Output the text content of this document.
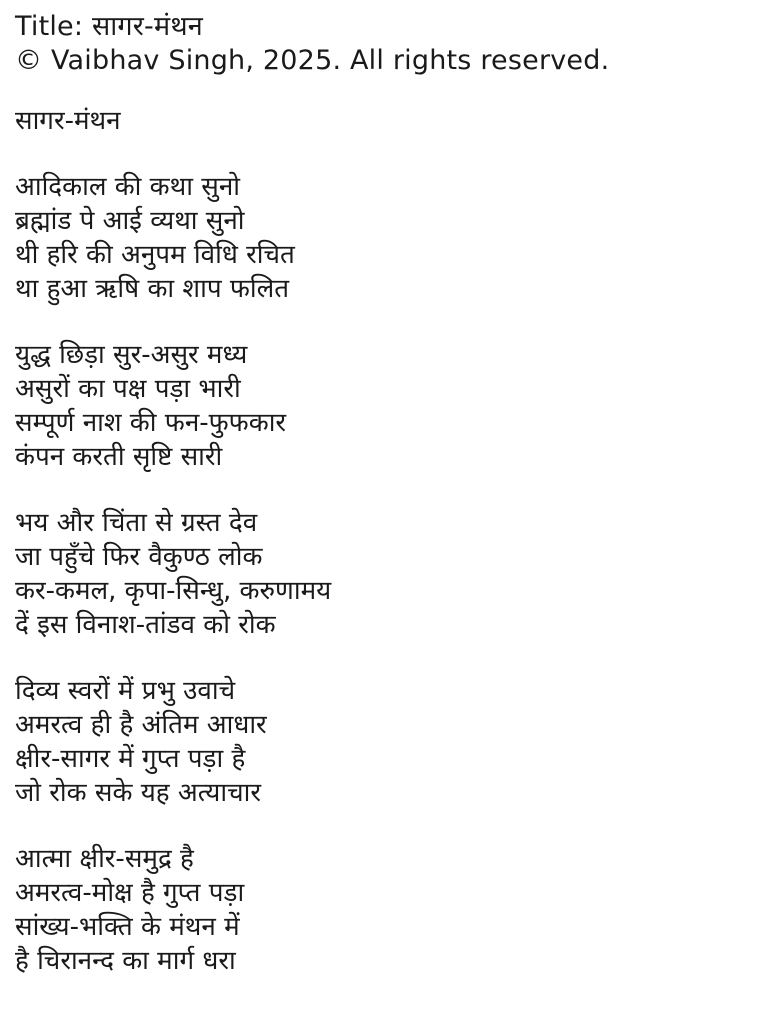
Title: सागर-मंथन
© Vaibhav Singh, 2025. All rights reserved.
सागर-मंथन
आदिकाल की कथा सुनो
ब्रह्मांड पे आई व्यथा सुनो
थी हरि की अनुपम विधि रचित
था हुआ ऋषि का शाप फलित
युद्ध छिड़ा सुर-असुर मध्य
असुरों का पक्ष पड़ा भारी
सम्पूर्ण नाश की फन-फुफकार
कंपन करती सृष्टि सारी
भय और चिंता से ग्रस्त देव
जा पहुँचे फिर वैकुण्ठ लोक
कर-कमल, कृपा-सिन्धु, करुणामय
दें इस विनाश-तांडव को रोक
दिव्य स्वरों में प्रभु उवाचे
अमरत्व ही है अंतिम आधार
क्षीर-सागर में गुप्त पड़ा है
जो रोक सके यह अत्याचार
आत्मा क्षीर-समुद्र है
अमरत्व-मोक्ष है गुप्त पड़ा
सांख्य-भक्ति के मंथन में
है चिरानन्द का मार्ग धरा
